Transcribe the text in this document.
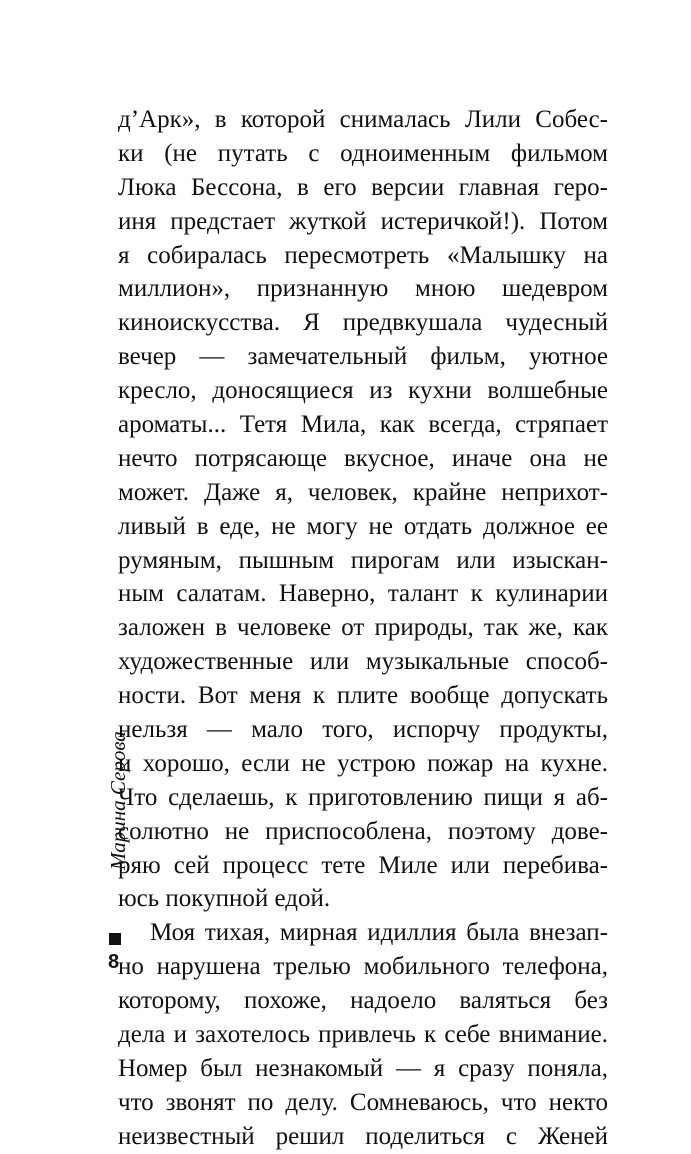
д’Арк», в которой снималась Лили Собес-
ки (не путать с одноименным фильмом
Люка Бессона, в его версии главная геро-
иня предстает жуткой истеричкой!). Потом
я собиралась пересмотреть «Малышку на
миллион», признанную мною шедевром
киноискусства. Я предвкушала чудесный
вечер — замечательный фильм, уютное
кресло, доносящиеся из кухни волшебные
ароматы... Тетя Мила, как всегда, стряпает
нечто потрясающе вкусное, иначе она не
может. Даже я, человек, крайне неприхот-
ливый в еде, не могу не отдать должное ее
румяным, пышным пирогам или изыскан-
ным салатам. Наверно, талант к кулинарии
заложен в человеке от природы, так же, как
художественные или музыкальные способ-
ности. Вот меня к плите вообще допускать
нельзя — мало того, испорчу продукты,
и хорошо, если не устрою пожар на кухне.
Что сделаешь, к приготовлению пищи я аб-
солютно не приспособлена, поэтому дове-
ряю сей процесс тете Миле или перебива-
юсь покупной едой.
Моя тихая, мирная идиллия была внезап-
но нарушена трелью мобильного телефона,
которому, похоже, надоело валяться без
дела и захотелось привлечь к себе внимание.
Номер был незнакомый — я сразу поняла,
что звонят по делу. Сомневаюсь, что некто
неизвестный решил поделиться с Женей
Марина Серова
8
